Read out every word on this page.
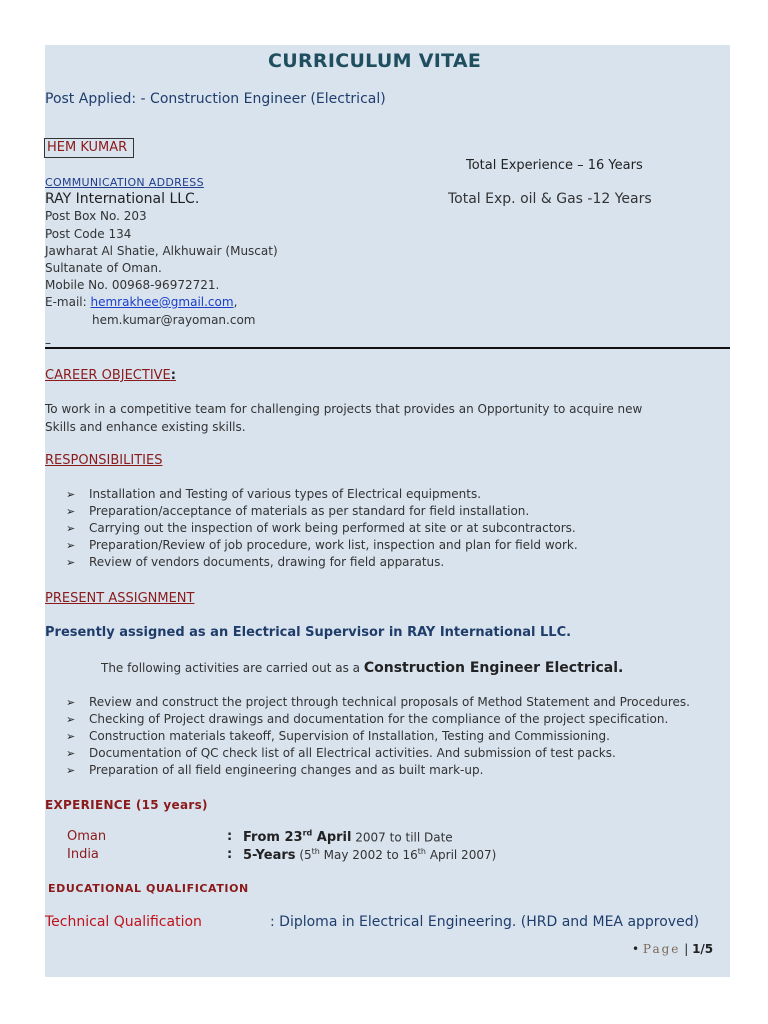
CURRICULUM VITAE
Post Applied: - Construction Engineer (Electrical)
HEM KUMAR
Total Experience – 16 Years
Total Exp. oil & Gas -12 Years
COMMUNICATION ADDRESS
RAY International LLC.
Post Box No. 203
Post Code 134
Jawharat Al Shatie, Alkhuwair (Muscat)
Sultanate of Oman.
Mobile No. 00968-96972721.
E-mail: hemrakhee@gmail.com,
hem.kumar@rayoman.com
–
CAREER OBJECTIVE:
To work in a competitive team for challenging projects that provides an Opportunity to acquire new
Skills and enhance existing skills.
RESPONSIBILITIES
➢ Installation and Testing of various types of Electrical equipments.
➢ Preparation/acceptance of materials as per standard for field installation.
➢ Carrying out the inspection of work being performed at site or at subcontractors.
➢ Preparation/Review of job procedure, work list, inspection and plan for field work.
➢ Review of vendors documents, drawing for field apparatus.
PRESENT ASSIGNMENT
Presently assigned as an Electrical Supervisor in RAY International LLC.
The following activities are carried out as a Construction Engineer Electrical.
➢ Review and construct the project through technical proposals of Method Statement and Procedures.
➢ Checking of Project drawings and documentation for the compliance of the project specification.
➢ Construction materials takeoff, Supervision of Installation, Testing and Commissioning.
➢ Documentation of QC check list of all Electrical activities. And submission of test packs.
➢ Preparation of all field engineering changes and as built mark-up.
EXPERIENCE (15 years)
Oman	: From 23rd April 2007 to till Date
India	: 5-Years (5th May 2002 to 16th April 2007)
EDUCATIONAL QUALIFICATION
Technical Qualification	: Diploma in Electrical Engineering. (HRD and MEA approved)
• Page | 1/5
